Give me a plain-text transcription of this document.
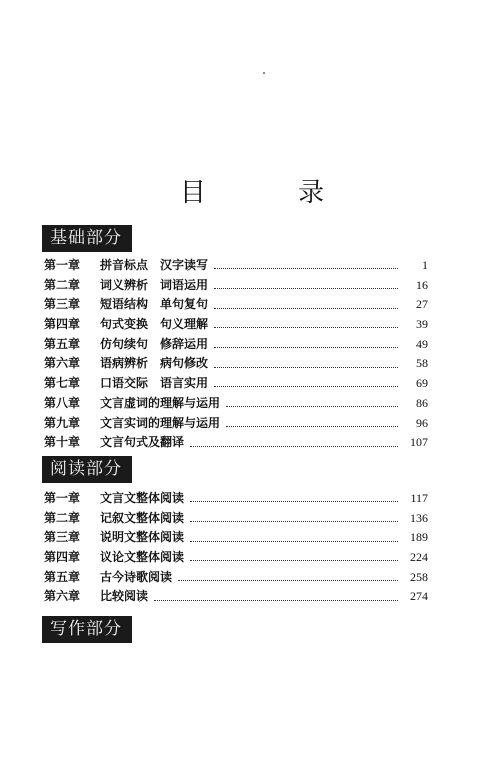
目 录
基础部分
第一章	拼音标点　汉字读写	1
第二章	词义辨析　词语运用	16
第三章	短语结构　单句复句	27
第四章	句式变换　句义理解	39
第五章	仿句续句　修辞运用	49
第六章	语病辨析　病句修改	58
第七章	口语交际　语言实用	69
第八章	文言虚词的理解与运用	86
第九章	文言实词的理解与运用	96
第十章	文言句式及翻译	107
阅读部分
第一章	文言文整体阅读	117
第二章	记叙文整体阅读	136
第三章	说明文整体阅读	189
第四章	议论文整体阅读	224
第五章	古今诗歌阅读	258
第六章	比较阅读	274
写作部分
